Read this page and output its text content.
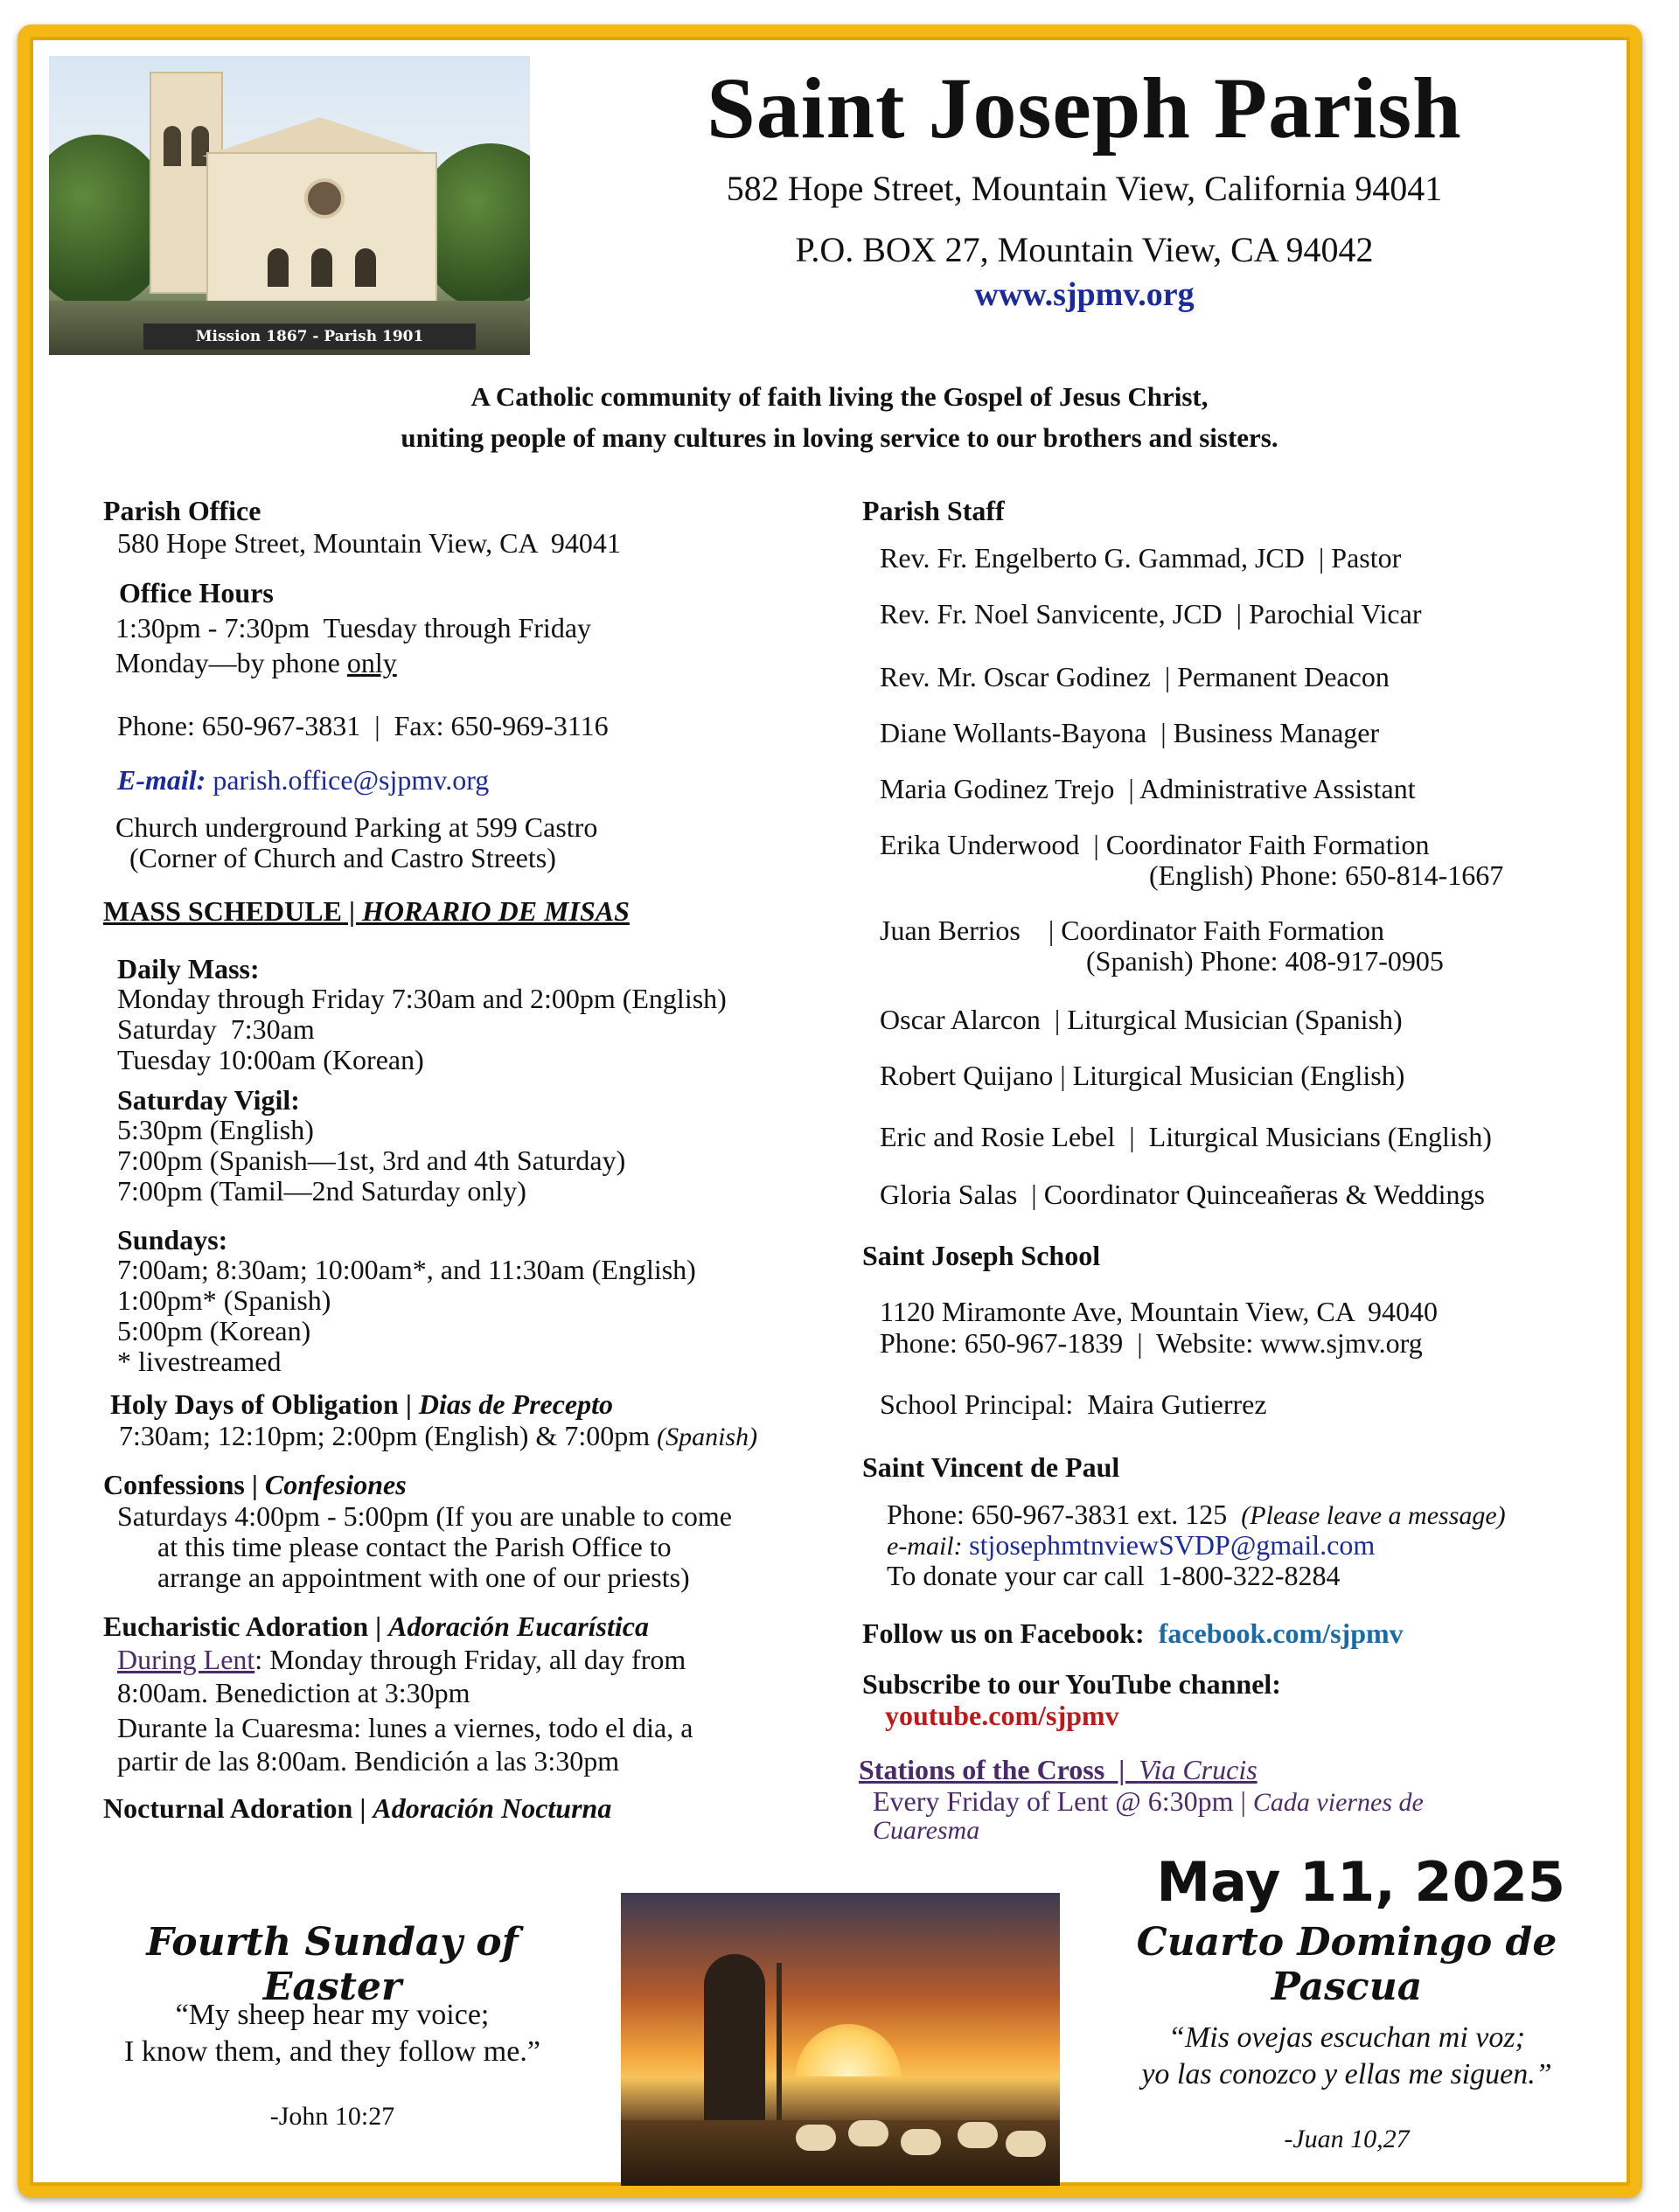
Mission 1867 - Parish 1901
Saint Joseph Parish
582 Hope Street, Mountain View, California 94041
P.O. BOX 27, Mountain View, CA 94042
www.sjpmv.org
A Catholic community of faith living the Gospel of Jesus Christ,
uniting people of many cultures in loving service to our brothers and sisters.
Parish Office
580 Hope Street, Mountain View, CA  94041
Office Hours
1:30pm - 7:30pm  Tuesday through Friday
Monday—by phone only
Phone: 650-967-3831  |  Fax: 650-969-3116
E-mail: parish.office@sjpmv.org
Church underground Parking at 599 Castro
(Corner of Church and Castro Streets)
MASS SCHEDULE | HORARIO DE MISAS
Daily Mass:
Monday through Friday 7:30am and 2:00pm (English)
Saturday  7:30am
Tuesday 10:00am (Korean)
Saturday Vigil:
5:30pm (English)
7:00pm (Spanish—1st, 3rd and 4th Saturday)
7:00pm (Tamil—2nd Saturday only)
Sundays:
7:00am; 8:30am; 10:00am*, and 11:30am (English)
1:00pm* (Spanish)
5:00pm (Korean)
* livestreamed
Holy Days of Obligation | Dias de Precepto
7:30am; 12:10pm; 2:00pm (English) & 7:00pm (Spanish)
Confessions | Confesiones
Saturdays 4:00pm - 5:00pm (If you are unable to come
at this time please contact the Parish Office to
arrange an appointment with one of our priests)
Eucharistic Adoration | Adoración Eucarística
During Lent: Monday through Friday, all day from
8:00am. Benediction at 3:30pm
Durante la Cuaresma: lunes a viernes, todo el dia, a
partir de las 8:00am. Bendición a las 3:30pm
Nocturnal Adoration | Adoración Nocturna
Parish Staff
Rev. Fr. Engelberto G. Gammad, JCD  | Pastor
Rev. Fr. Noel Sanvicente, JCD  | Parochial Vicar
Rev. Mr. Oscar Godinez  | Permanent Deacon
Diane Wollants-Bayona  | Business Manager
Maria Godinez Trejo  | Administrative Assistant
Erika Underwood  | Coordinator Faith Formation
(English) Phone: 650-814-1667
Juan Berrios    | Coordinator Faith Formation
(Spanish) Phone: 408-917-0905
Oscar Alarcon  | Liturgical Musician (Spanish)
Robert Quijano | Liturgical Musician (English)
Eric and Rosie Lebel  |  Liturgical Musicians (English)
Gloria Salas  | Coordinator Quinceañeras & Weddings
Saint Joseph School
1120 Miramonte Ave, Mountain View, CA  94040
Phone: 650-967-1839  |  Website: www.sjmv.org
School Principal:  Maira Gutierrez
Saint Vincent de Paul
Phone: 650-967-3831 ext. 125  (Please leave a message)
e-mail: stjosephmtnviewSVDP@gmail.com
To donate your car call  1-800-322-8284
Follow us on Facebook:  facebook.com/sjpmv
Subscribe to our YouTube channel:
youtube.com/sjpmv
Stations of the Cross  |  Via Crucis
Every Friday of Lent @ 6:30pm | Cada viernes de
Cuaresma
May 11, 2025
Fourth Sunday of Easter
“My sheep hear my voice;
I know them, and they follow me.”
-John 10:27
Cuarto Domingo de Pascua
“Mis ovejas escuchan mi voz;
yo las conozco y ellas me siguen.”
-Juan 10,27
